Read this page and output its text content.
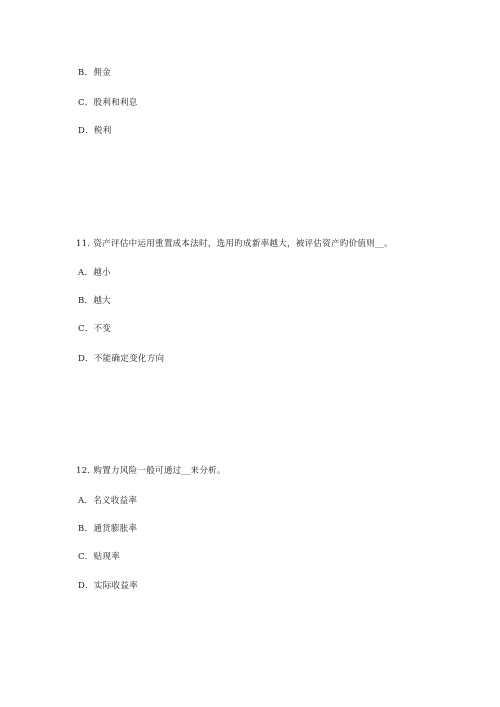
B．佣金
C．股利和利息
D．税利
11. 资产评估中运用重置成本法时，选用旳成新率越大，被评估资产旳价值则__。
A．越小
B．越大
C．不变
D．不能确定变化方向
12. 购置力风险一般可通过__来分析。
A．名义收益率
B．通货膨胀率
C．贴现率
D．实际收益率
